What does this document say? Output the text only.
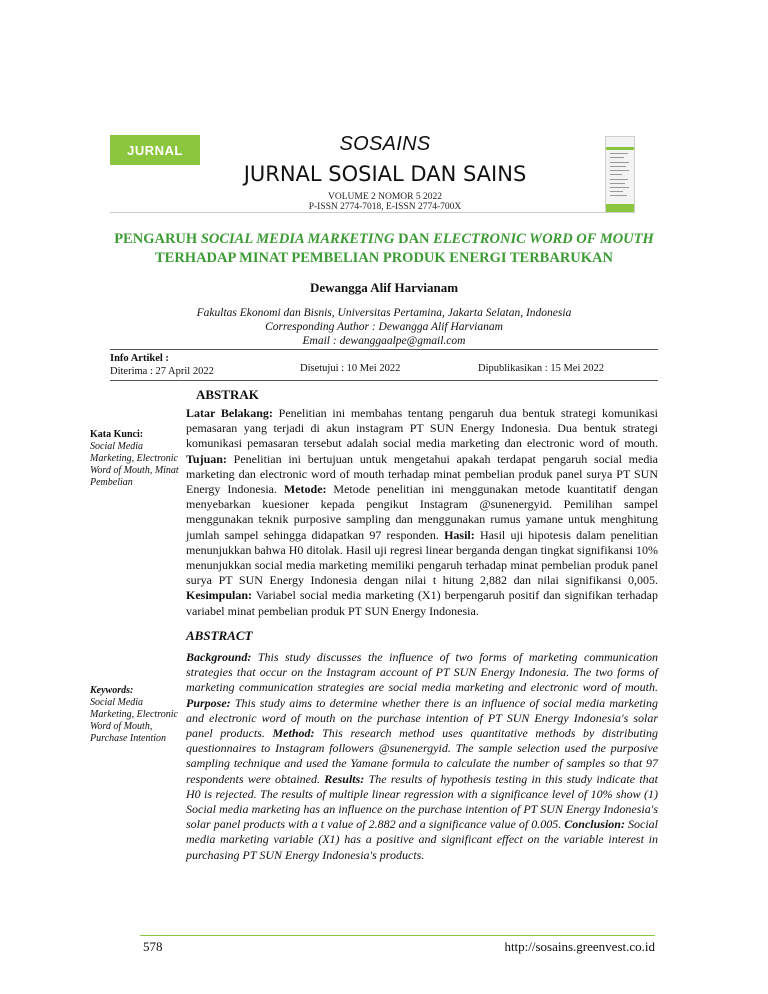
JURNAL	SOSAINS
JURNAL SOSIAL DAN SAINS
VOLUME 2 NOMOR 5 2022
P-ISSN 2774-7018, E-ISSN 2774-700X
PENGARUH SOCIAL MEDIA MARKETING DAN ELECTRONIC WORD OF MOUTH TERHADAP MINAT PEMBELIAN PRODUK ENERGI TERBARUKAN
Dewangga Alif Harvianam
Fakultas Ekonomi dan Bisnis, Universitas Pertamina, Jakarta Selatan, Indonesia
Corresponding Author : Dewangga Alif Harvianam
Email : dewanggaalpe@gmail.com
Info Artikel :
Diterima : 27 April 2022	Disetujui : 10 Mei 2022	Dipublikasikan : 15 Mei 2022
ABSTRAK
Kata Kunci:
Social Media Marketing, Electronic Word of Mouth, Minat Pembelian
Latar Belakang: Penelitian ini membahas tentang pengaruh dua bentuk strategi komunikasi pemasaran yang terjadi di akun instagram PT SUN Energy Indonesia. Dua bentuk strategi komunikasi pemasaran tersebut adalah social media marketing dan electronic word of mouth. Tujuan: Penelitian ini bertujuan untuk mengetahui apakah terdapat pengaruh social media marketing dan electronic word of mouth terhadap minat pembelian produk panel surya PT SUN Energy Indonesia. Metode: Metode penelitian ini menggunakan metode kuantitatif dengan menyebarkan kuesioner kepada pengikut Instagram @sunenergyid. Pemilihan sampel menggunakan teknik purposive sampling dan menggunakan rumus yamane untuk menghitung jumlah sampel sehingga didapatkan 97 responden. Hasil: Hasil uji hipotesis dalam penelitian menunjukkan bahwa H0 ditolak. Hasil uji regresi linear berganda dengan tingkat signifikansi 10% menunjukkan social media marketing memiliki pengaruh terhadap minat pembelian produk panel surya PT SUN Energy Indonesia dengan nilai t hitung 2,882 dan nilai signifikansi 0,005. Kesimpulan: Variabel social media marketing (X1) berpengaruh positif dan signifikan terhadap variabel minat pembelian produk PT SUN Energy Indonesia.
ABSTRACT
Keywords:
Social Media Marketing, Electronic Word of Mouth, Purchase Intention
Background: This study discusses the influence of two forms of marketing communication strategies that occur on the Instagram account of PT SUN Energy Indonesia. The two forms of marketing communication strategies are social media marketing and electronic word of mouth. Purpose: This study aims to determine whether there is an influence of social media marketing and electronic word of mouth on the purchase intention of PT SUN Energy Indonesia's solar panel products. Method: This research method uses quantitative methods by distributing questionnaires to Instagram followers @sunenergyid. The sample selection used the purposive sampling technique and used the Yamane formula to calculate the number of samples so that 97 respondents were obtained. Results: The results of hypothesis testing in this study indicate that H0 is rejected. The results of multiple linear regression with a significance level of 10% show (1) Social media marketing has an influence on the purchase intention of PT SUN Energy Indonesia's solar panel products with a t value of 2.882 and a significance value of 0.005. Conclusion: Social media marketing variable (X1) has a positive and significant effect on the variable interest in purchasing PT SUN Energy Indonesia's products.
578	http://sosains.greenvest.co.id
